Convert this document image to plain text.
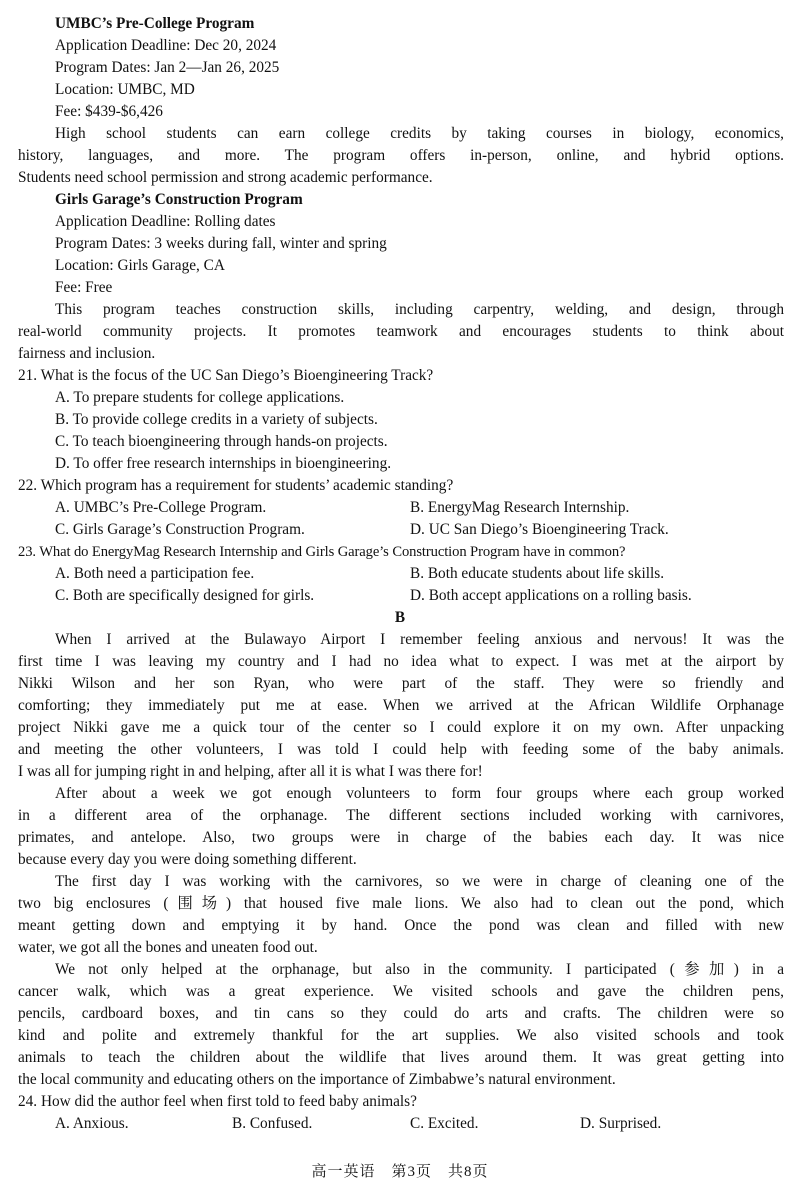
UMBC’s Pre-College Program
Application Deadline: Dec 20, 2024
Program Dates: Jan 2—Jan 26, 2025
Location: UMBC, MD
Fee: $439-$6,426
High school students can earn college credits by taking courses in biology, economics,
history, languages, and more. The program offers in-person, online, and hybrid options.
Students need school permission and strong academic performance.
Girls Garage’s Construction Program
Application Deadline: Rolling dates
Program Dates: 3 weeks during fall, winter and spring
Location: Girls Garage, CA
Fee: Free
This program teaches construction skills, including carpentry, welding, and design, through
real-world community projects. It promotes teamwork and encourages students to think about
fairness and inclusion.
21. What is the focus of the UC San Diego’s Bioengineering Track?
A. To prepare students for college applications.
B. To provide college credits in a variety of subjects.
C. To teach bioengineering through hands-on projects.
D. To offer free research internships in bioengineering.
22. Which program has a requirement for students’ academic standing?
A. UMBC’s Pre-College Program.	B. EnergyMag Research Internship.
C. Girls Garage’s Construction Program.	D. UC San Diego’s Bioengineering Track.
23. What do EnergyMag Research Internship and Girls Garage’s Construction Program have in common?
A. Both need a participation fee.	B. Both educate students about life skills.
C. Both are specifically designed for girls.	D. Both accept applications on a rolling basis.
B
When I arrived at the Bulawayo Airport I remember feeling anxious and nervous! It was the
first time I was leaving my country and I had no idea what to expect. I was met at the airport by
Nikki Wilson and her son Ryan, who were part of the staff. They were so friendly and
comforting; they immediately put me at ease. When we arrived at the African Wildlife Orphanage
project Nikki gave me a quick tour of the center so I could explore it on my own. After unpacking
and meeting the other volunteers, I was told I could help with feeding some of the baby animals.
I was all for jumping right in and helping, after all it is what I was there for!
After about a week we got enough volunteers to form four groups where each group worked
in a different area of the orphanage. The different sections included working with carnivores,
primates, and antelope. Also, two groups were in charge of the babies each day. It was nice
because every day you were doing something different.
The first day I was working with the carnivores, so we were in charge of cleaning one of the
two big enclosures (围场) that housed five male lions. We also had to clean out the pond, which
meant getting down and emptying it by hand. Once the pond was clean and filled with new
water, we got all the bones and uneaten food out.
We not only helped at the orphanage, but also in the community. I participated (参加) in a
cancer walk, which was a great experience. We visited schools and gave the children pens,
pencils, cardboard boxes, and tin cans so they could do arts and crafts. The children were so
kind and polite and extremely thankful for the art supplies. We also visited schools and took
animals to teach the children about the wildlife that lives around them. It was great getting into
the local community and educating others on the importance of Zimbabwe’s natural environment.
24. How did the author feel when first told to feed baby animals?
A. Anxious.	B. Confused.	C. Excited.	D. Surprised.
高一英语　第3页　共8页
